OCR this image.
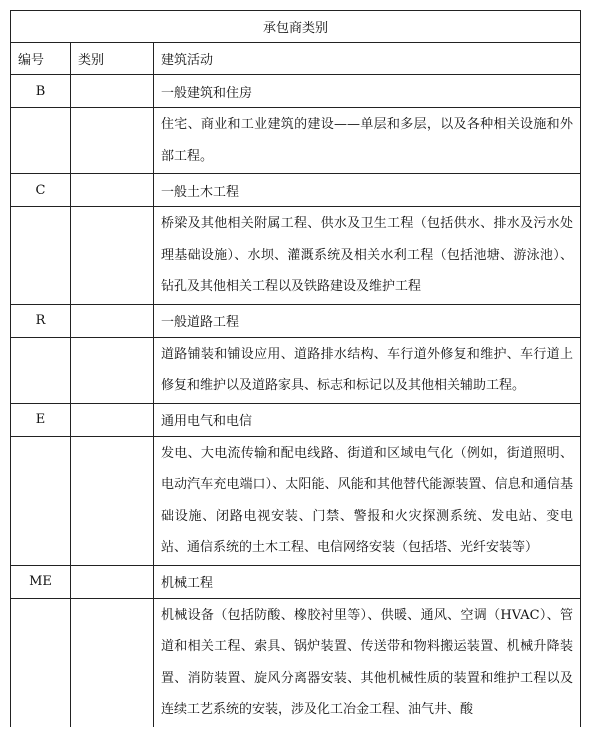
承包商类别		
编号	类别	建筑活动
B		一般建筑和住房
		住宅、商业和工业建筑的建设——单层和多层，以及各种相关设施和外部工程。
C		一般土木工程
		桥梁及其他相关附属工程、供水及卫生工程（包括供水、排水及污水处理基础设施）、水坝、灌溉系统及相关水利工程（包括池塘、游泳池）、钻孔及其他相关工程以及铁路建设及维护工程
R		一般道路工程
		道路铺装和铺设应用、道路排水结构、车行道外修复和维护、车行道上修复和维护以及道路家具、标志和标记以及其他相关辅助工程。
E		通用电气和电信
		发电、大电流传输和配电线路、街道和区域电气化（例如，街道照明、电动汽车充电端口）、太阳能、风能和其他替代能源装置、信息和通信基础设施、闭路电视安装、门禁、警报和火灾探测系统、发电站、变电站、通信系统的土木工程、电信网络安装（包括塔、光纤安装等）
ME		机械工程
		机械设备（包括防酸、橡胶衬里等）、供暖、通风、空调（HVAC）、管道和相关工程、索具、锅炉装置、传送带和物料搬运装置、机械升降装置、消防装置、旋风分离器安装、其他机械性质的装置和维护工程以及连续工艺系统的安装，涉及化工冶金工程、油气井、酸
